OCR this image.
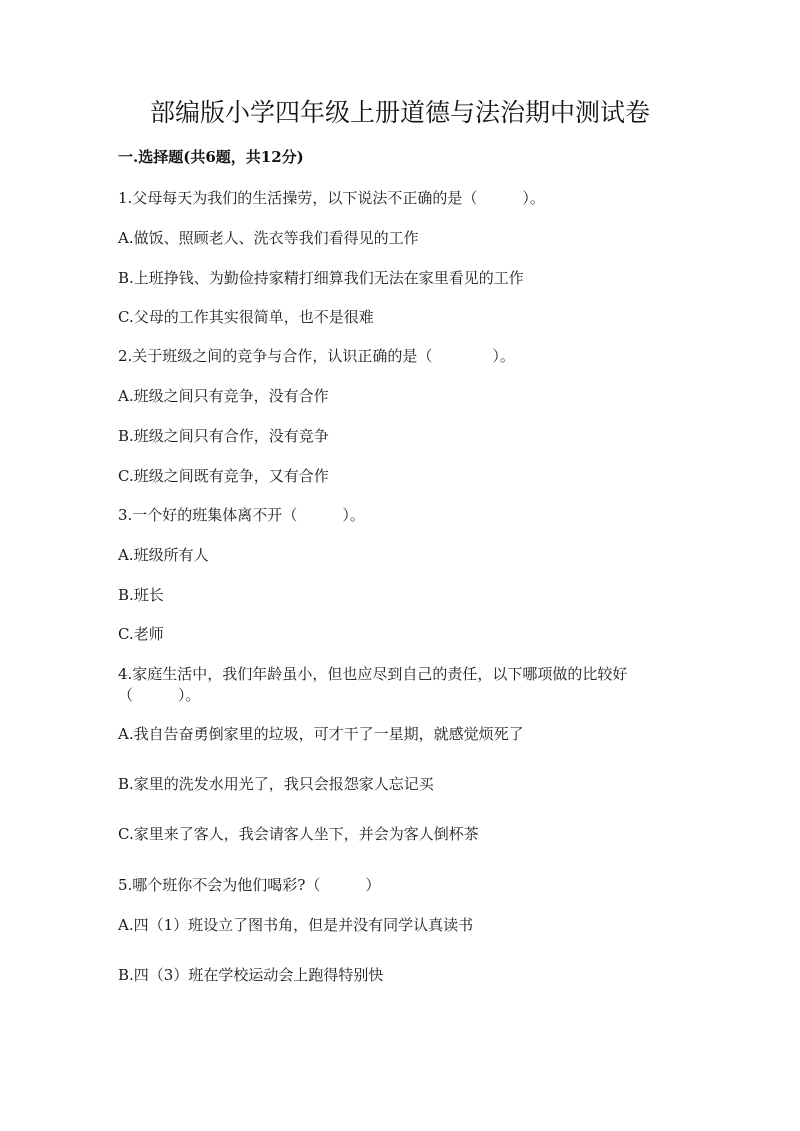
部编版小学四年级上册道德与法治期中测试卷
一.选择题(共6题，共12分)
1.父母每天为我们的生活操劳，以下说法不正确的是（　　　）。
A.做饭、照顾老人、洗衣等我们看得见的工作
B.上班挣钱、为勤俭持家精打细算我们无法在家里看见的工作
C.父母的工作其实很简单，也不是很难
2.关于班级之间的竞争与合作，认识正确的是（　　　　）。
A.班级之间只有竞争，没有合作
B.班级之间只有合作，没有竞争
C.班级之间既有竞争，又有合作
3.一个好的班集体离不开（　　　）。
A.班级所有人
B.班长
C.老师
4.家庭生活中，我们年龄虽小，但也应尽到自己的责任，以下哪项做的比较好
（　　　）。
A.我自告奋勇倒家里的垃圾，可才干了一星期，就感觉烦死了
B.家里的洗发水用光了，我只会报怨家人忘记买
C.家里来了客人，我会请客人坐下，并会为客人倒杯茶
5.哪个班你不会为他们喝彩?（　　　）
A.四（1）班设立了图书角，但是并没有同学认真读书
B.四（3）班在学校运动会上跑得特别快
